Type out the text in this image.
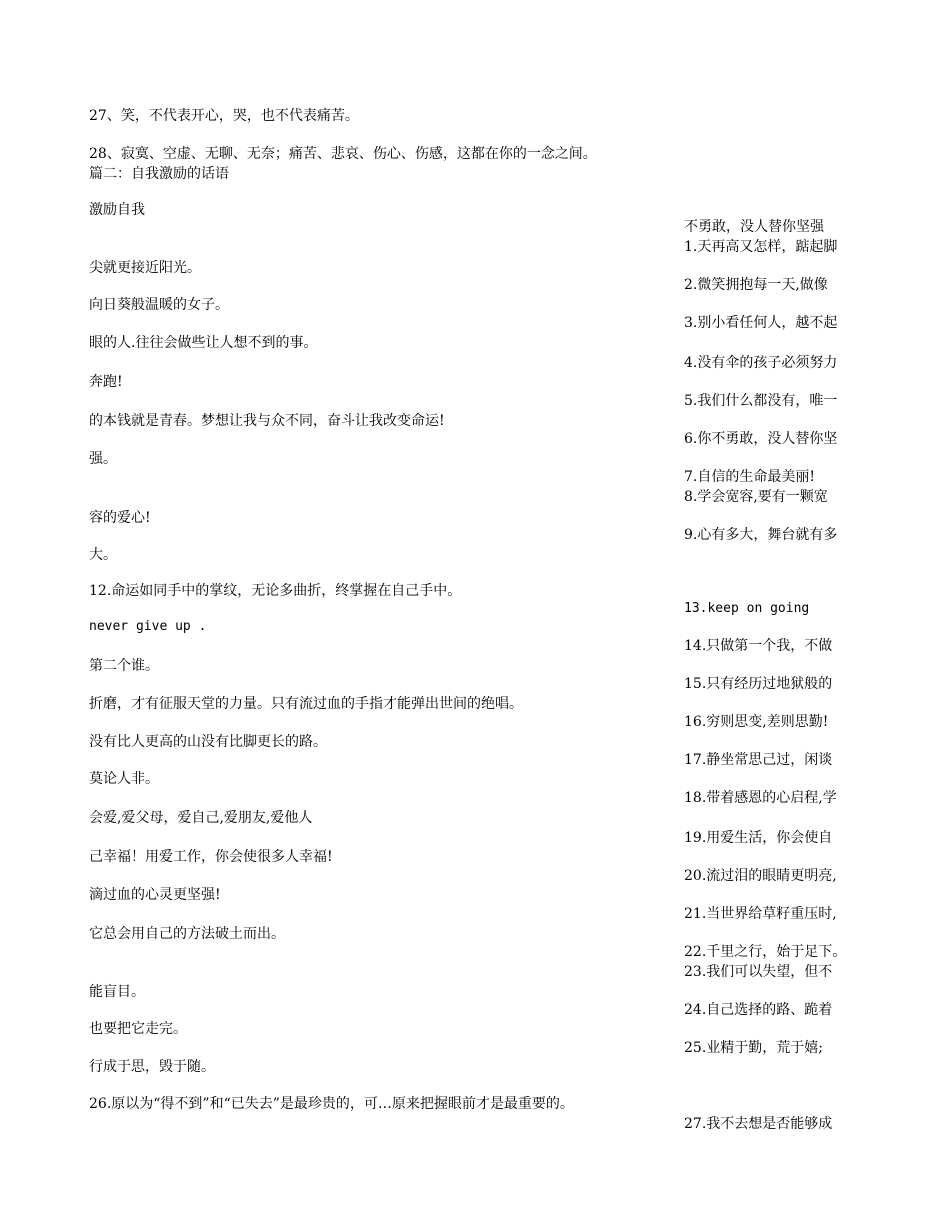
27、笑，不代表开心，哭，也不代表痛苦。

28、寂寞、空虚、无聊、无奈；痛苦、悲哀、伤心、伤感，这都在你的一念之间。

篇二：自我激励的话语

激励自我

尖就更接近阳光。

向日葵般温暖的女子。

眼的人.往往会做些让人想不到的事。

奔跑!

的本钱就是青春。梦想让我与众不同，奋斗让我改变命运!

强。

容的爱心!

大。

12.命运如同手中的掌纹，无论多曲折，终掌握在自己手中。

never give up .

第二个谁。

折磨，才有征服天堂的力量。只有流过血的手指才能弹出世间的绝唱。

没有比人更高的山没有比脚更长的路。

莫论人非。

会爱,爱父母，爱自己,爱朋友,爱他人

己幸福！用爱工作，你会使很多人幸福!

滴过血的心灵更坚强!

它总会用自己的方法破土而出。

能盲目。

也要把它走完。

行成于思，毁于随。

26.原以为“得不到”和“已失去”是最珍贵的，可…原来把握眼前才是最重要的。

不勇敢，没人替你坚强

1.天再高又怎样，踮起脚

2.微笑拥抱每一天,做像

3.别小看任何人，越不起

4.没有伞的孩子必须努力

5.我们什么都没有，唯一

6.你不勇敢，没人替你坚

7.自信的生命最美丽!

8.学会宽容,要有一颗宽

9.心有多大，舞台就有多

13.keep on going

14.只做第一个我，不做

15.只有经历过地狱般的

16.穷则思变,差则思勤!

17.静坐常思己过，闲谈

18.带着感恩的心启程,学

19.用爱生活，你会使自

20.流过泪的眼睛更明亮,

21.当世界给草籽重压时,

22.千里之行，始于足下。

23.我们可以失望，但不

24.自己选择的路、跪着

25.业精于勤，荒于嬉;

27.我不去想是否能够成
